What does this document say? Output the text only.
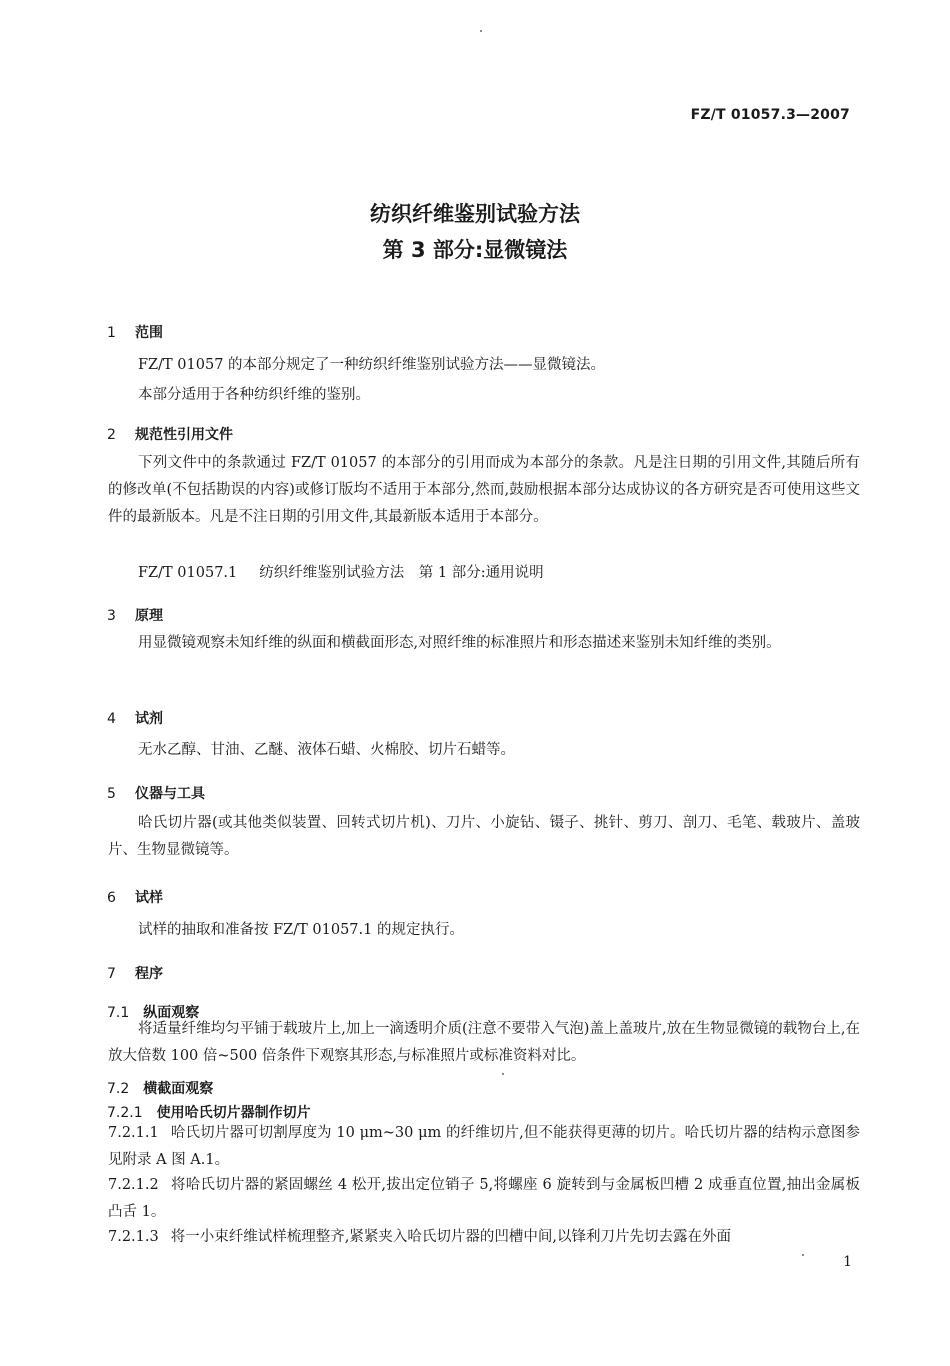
FZ/T 01057.3—2007
纺织纤维鉴别试验方法
第 3 部分:显微镜法
1 范围
FZ/T 01057 的本部分规定了一种纺织纤维鉴别试验方法——显微镜法。
本部分适用于各种纺织纤维的鉴别。
2 规范性引用文件
下列文件中的条款通过 FZ/T 01057 的本部分的引用而成为本部分的条款。凡是注日期的引用文件,其随后所有的修改单(不包括勘误的内容)或修订版均不适用于本部分,然而,鼓励根据本部分达成协议的各方研究是否可使用这些文件的最新版本。凡是不注日期的引用文件,其最新版本适用于本部分。
FZ/T 01057.1 纺织纤维鉴别试验方法　第 1 部分:通用说明
3 原理
用显微镜观察未知纤维的纵面和横截面形态,对照纤维的标准照片和形态描述来鉴别未知纤维的类别。
4 试剂
无水乙醇、甘油、乙醚、液体石蜡、火棉胶、切片石蜡等。
5 仪器与工具
哈氏切片器(或其他类似装置、回转式切片机)、刀片、小旋钻、镊子、挑针、剪刀、剖刀、毛笔、载玻片、盖玻片、生物显微镜等。
6 试样
试样的抽取和准备按 FZ/T 01057.1 的规定执行。
7 程序
7.1 纵面观察
将适量纤维均匀平铺于载玻片上,加上一滴透明介质(注意不要带入气泡)盖上盖玻片,放在生物显微镜的载物台上,在放大倍数 100 倍~500 倍条件下观察其形态,与标准照片或标准资料对比。
7.2 横截面观察
7.2.1 使用哈氏切片器制作切片
7.2.1.1 哈氏切片器可切割厚度为 10 μm~30 μm 的纤维切片,但不能获得更薄的切片。哈氏切片器的结构示意图参见附录 A 图 A.1。
7.2.1.2 将哈氏切片器的紧固螺丝 4 松开,拔出定位销子 5,将螺座 6 旋转到与金属板凹槽 2 成垂直位置,抽出金属板凸舌 1。
7.2.1.3 将一小束纤维试样梳理整齐,紧紧夹入哈氏切片器的凹槽中间,以锋利刀片先切去露在外面
1
